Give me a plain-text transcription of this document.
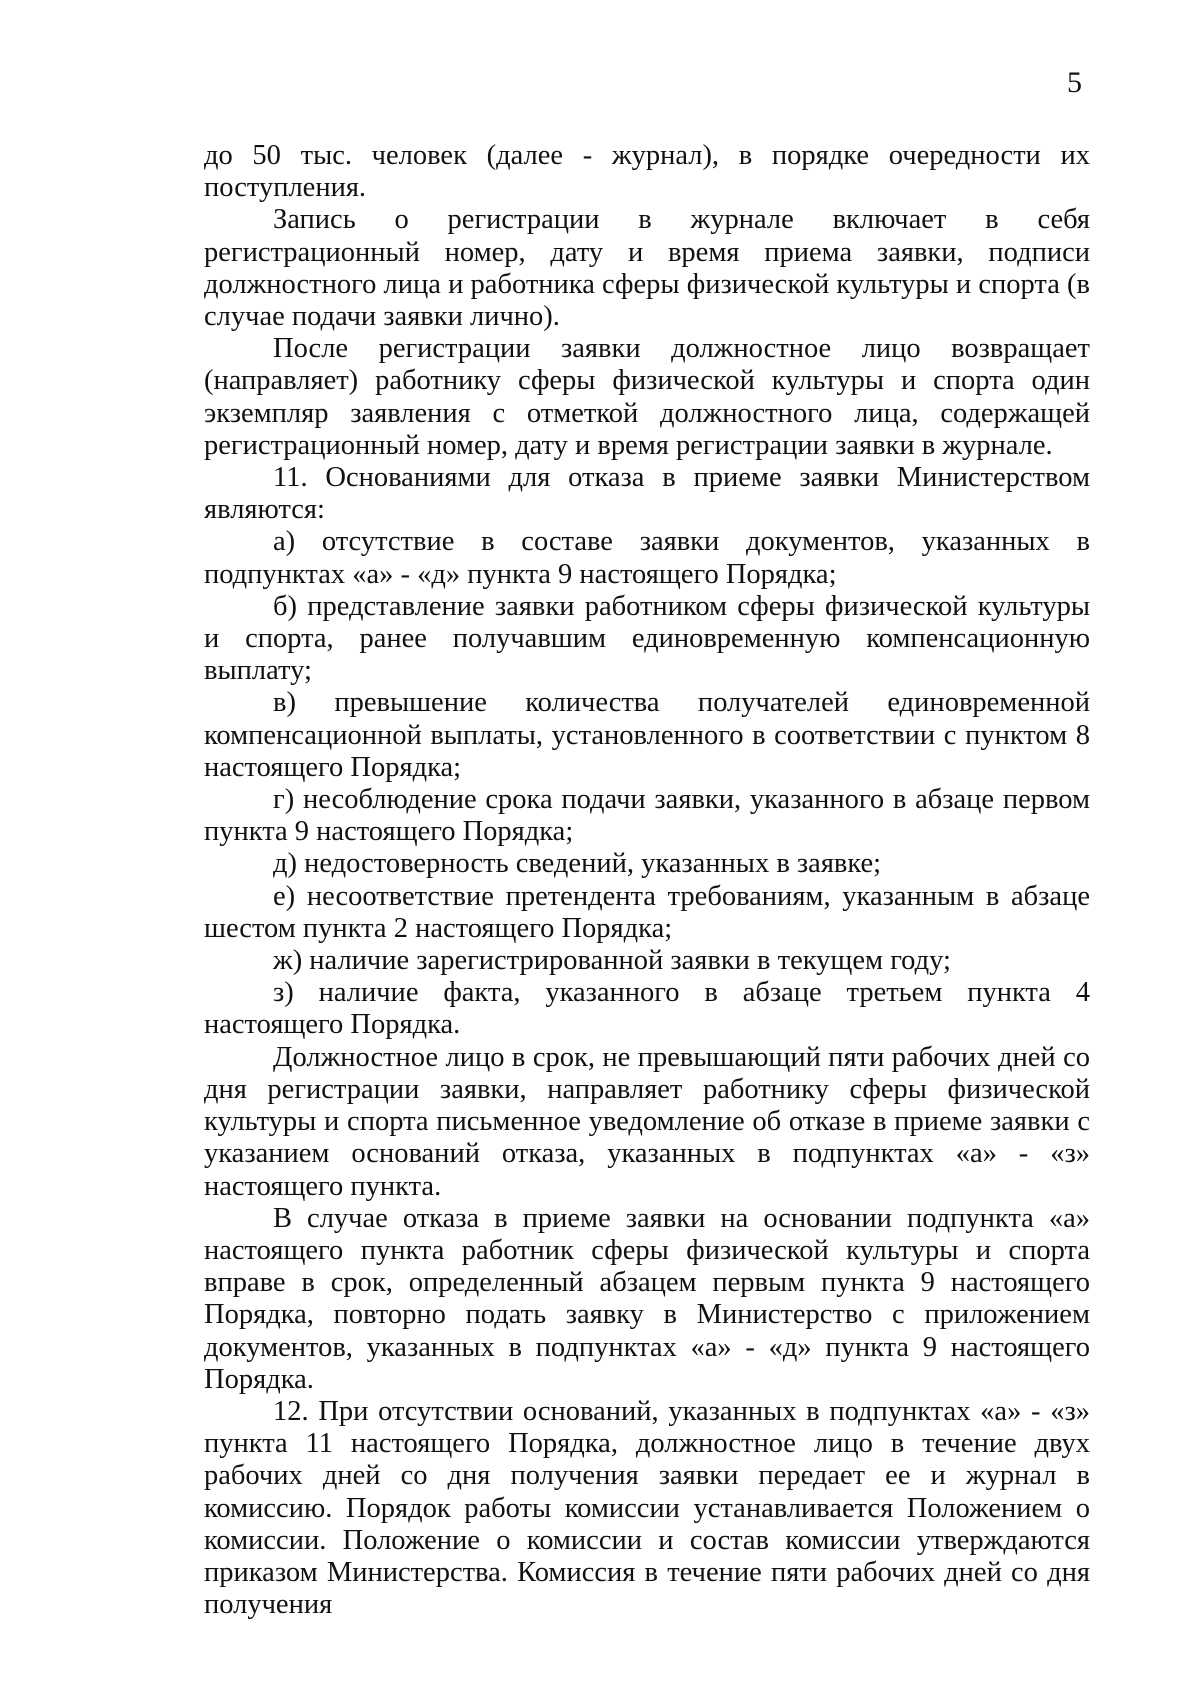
5

до 50 тыс. человек (далее - журнал), в порядке очередности их поступления.

Запись о регистрации в журнале включает в себя регистрационный номер, дату и время приема заявки, подписи должностного лица и работника сферы физической культуры и спорта (в случае подачи заявки лично).

После регистрации заявки должностное лицо возвращает (направляет) работнику сферы физической культуры и спорта один экземпляр заявления с отметкой должностного лица, содержащей регистрационный номер, дату и время регистрации заявки в журнале.

11. Основаниями для отказа в приеме заявки Министерством являются:

а) отсутствие в составе заявки документов, указанных в подпунктах «а» - «д» пункта 9 настоящего Порядка;

б) представление заявки работником сферы физической культуры и спорта, ранее получавшим единовременную компенсационную выплату;

в) превышение количества получателей единовременной компенсационной выплаты, установленного в соответствии с пунктом 8 настоящего Порядка;

г) несоблюдение срока подачи заявки, указанного в абзаце первом пункта 9 настоящего Порядка;

д) недостоверность сведений, указанных в заявке;

е) несоответствие претендента требованиям, указанным в абзаце шестом пункта 2 настоящего Порядка;

ж) наличие зарегистрированной заявки в текущем году;

з) наличие факта, указанного в абзаце третьем пункта 4 настоящего Порядка.

Должностное лицо в срок, не превышающий пяти рабочих дней со дня регистрации заявки, направляет работнику сферы физической культуры и спорта письменное уведомление об отказе в приеме заявки с указанием оснований отказа, указанных в подпунктах «а» - «з» настоящего пункта.

В случае отказа в приеме заявки на основании подпункта «а» настоящего пункта работник сферы физической культуры и спорта вправе в срок, определенный абзацем первым пункта 9 настоящего Порядка, повторно подать заявку в Министерство с приложением документов, указанных в подпунктах «а» - «д» пункта 9 настоящего Порядка.

12. При отсутствии оснований, указанных в подпунктах «а» - «з» пункта 11 настоящего Порядка, должностное лицо в течение двух рабочих дней со дня получения заявки передает ее и журнал в комиссию. Порядок работы комиссии устанавливается Положением о комиссии. Положение о комиссии и состав комиссии утверждаются приказом Министерства. Комиссия в течение пяти рабочих дней со дня получения
